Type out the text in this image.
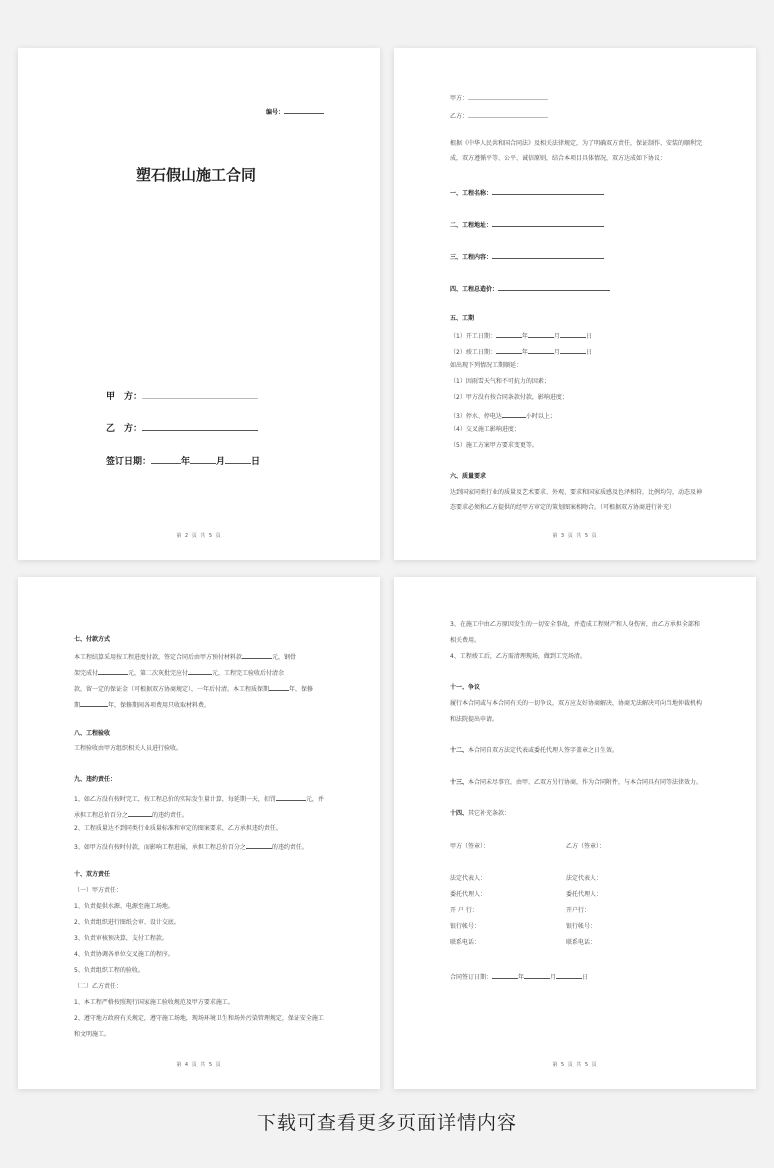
编号：
塑石假山施工合同
甲　方：
乙　方：
签订日期：	年	月	日
第 2 页 共 5 页
甲方：
乙方：
根据《中华人民共和国合同法》及相关法律规定，为了明确双方责任，保证制作、安装的顺利完
成，双方遵循平等、公平、诚信原则，结合本项目具体情况，双方达成如下协议：
一、工程名称：
二、工程地址：
三、工程内容：
四、工程总造价：
五、工期
（1）开工日期：	年	月	日
（2）竣工日期：	年	月	日
如出现下列情况工期顺延：
（1）因雨雪天气和不可抗力的因素；
（2）甲方没有按合同条款付款，影响进度；
（3）停水、停电达	小时以上；
（4）交叉施工影响进度；
（5）施工方案甲方要求变更等。
六、质量要求
达到国家同类行业的质量及艺术要求、外观、要求和国家质感及色泽相符，比例均匀，动态及神
态要求必须和乙方提供的经甲方审定的策划图案相吻合。（可根据双方协商进行补充）
第 3 页 共 5 页
七、付款方式
本工程结算采用按工程进度付款，签定合同后由甲方预付材料款	元，钢骨
架完成付	元，第二次灰批完应付	元，工程完工验收后付清余
款，留一定的保证金（可根据双方协商规定），一年后付清。本工程质保期	年，保修
期	年，保修期间各项费用只收取材料费。
八、工程验收
工程验收由甲方组织相关人员进行验收。
九、违约责任：
1、如乙方没有按时完工，按工程总价的实际发生量计算，每延期一天，扣罚	元，并
承担工程总价百分之	的违约责任。
2、工程质量达不到同类行业质量标准和审定的图案要求，乙方承担违约责任。
3、如甲方没有按时付款，而影响工程进展，承担工程总价百分之	的违约责任。
十、双方责任
（一）甲方责任：
1、负责提供水源、电源至施工场地。
2、负责组织进行图纸会审、设计交底。
3、负责审核预决算，支付工程款。
4、负责协调各单位交叉施工的程序。
5、负责组织工程的验收。
（二）乙方责任：
1、本工程严格按照现行国家施工验收规范及甲方要求施工。
2、遵守地方政府有关规定，遵守施工场地，现场环境卫生和场外污染管理规定，保证安全施工
和文明施工。
第 4 页 共 5 页
3、在施工中由乙方原因发生的一切安全事故，并造成工程财产和人身伤害，由乙方承担全部和
相关费用。
4、工程竣工后，乙方需清理现场，做到工完场清。
十一、争议
履行本合同或与本合同有关的一切争议，双方应友好协商解决，协商无法解决可向当地仲裁机构
和法院提出申请。
十二、本合同自双方法定代表或委托代理人签字盖章之日生效。
十三、本合同未尽事宜，由甲、乙双方另行协商，作为合同附件，与本合同具有同等法律效力。
十四、其它补充条款：
甲方（签章）：	乙方（签章）：
法定代表人：	法定代表人：
委托代理人：	委托代理人：
开 户 行：	开户行：
银行帐号：	银行帐号：
联系电话：	联系电话：
合同签订日期：	年	月	日
第 5 页 共 5 页
下载可查看更多页面详情内容
